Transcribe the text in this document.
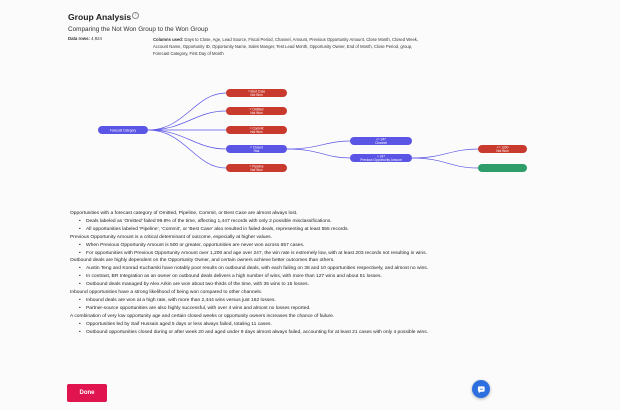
Group Analysis ?
Comparing the Not Won Group to the Won Group
Data rows: 4,924	Columns used: Days to Close, Age, Lead Source, Fiscal Period, Channel, Amount, Previous Opportunity Amount, Close Month, Closed Week, Account Name, Opportunity ID, Opportunity Name, Sales Manger, Test Lead Month, Opportunity Owner, End of Month, Close Period, group, Forecast Category, First Day of Month
Forecast Category
= Best Case
Not Won
= Omitted
Not Won
= Commit
Not Won
= Closed
Has
= Pipeline
Not Won
<= 247
Channel
> 247
Previous Opportunity Amount
<= 1200
Not Won
Opportunities with a forecast category of Omitted, Pipeline, Commit, or Best Case are almost always lost.
• Deals labeled as 'Omitted' failed 99.8% of the time, affecting 1,447 records with only 2 possible misclassifications.
• All opportunities labeled 'Pipeline', 'Commit', or 'Best Case' also resulted in failed deals, representing at least 555 records.
Previous Opportunity Amount is a critical determinant of outcome, especially at higher values.
• When Previous Opportunity Amount is 500 or greater, opportunities are never won across 657 cases.
• For opportunities with Previous Opportunity Amount over 1,200 and age over 247, the win rate is extremely low, with at least 203 records not resulting in wins.
Outbound deals are highly dependent on the Opportunity Owner, and certain owners achieve better outcomes than others.
• Austin Teng and Konrad Kucharski have notably poor results on outbound deals, with each failing on 38 and 10 opportunities respectively, and almost no wins.
• In contrast, BR Integration as an owner on outbound deals delivers a high number of wins, with more than 127 wins and about 51 losses.
• Outbound deals managed by Alex Arkin are won about two-thirds of the time, with 35 wins to 15 losses.
Inbound opportunities have a strong likelihood of being won compared to other channels.
• Inbound deals are won at a high rate, with more than 2,444 wins versus just 162 losses.
• Partner-source opportunities are also highly successful, with over 4 wins and almost no losses reported.
A combination of very low opportunity age and certain closed weeks or opportunity owners increases the chance of failure.
• Opportunities led by Saif Hussain aged 5 days or less always failed, totaling 11 cases.
• Outbound opportunities closed during or after week 20 and aged under 9 days almost always failed, accounting for at least 21 cases with only 4 possible wins.
Done
